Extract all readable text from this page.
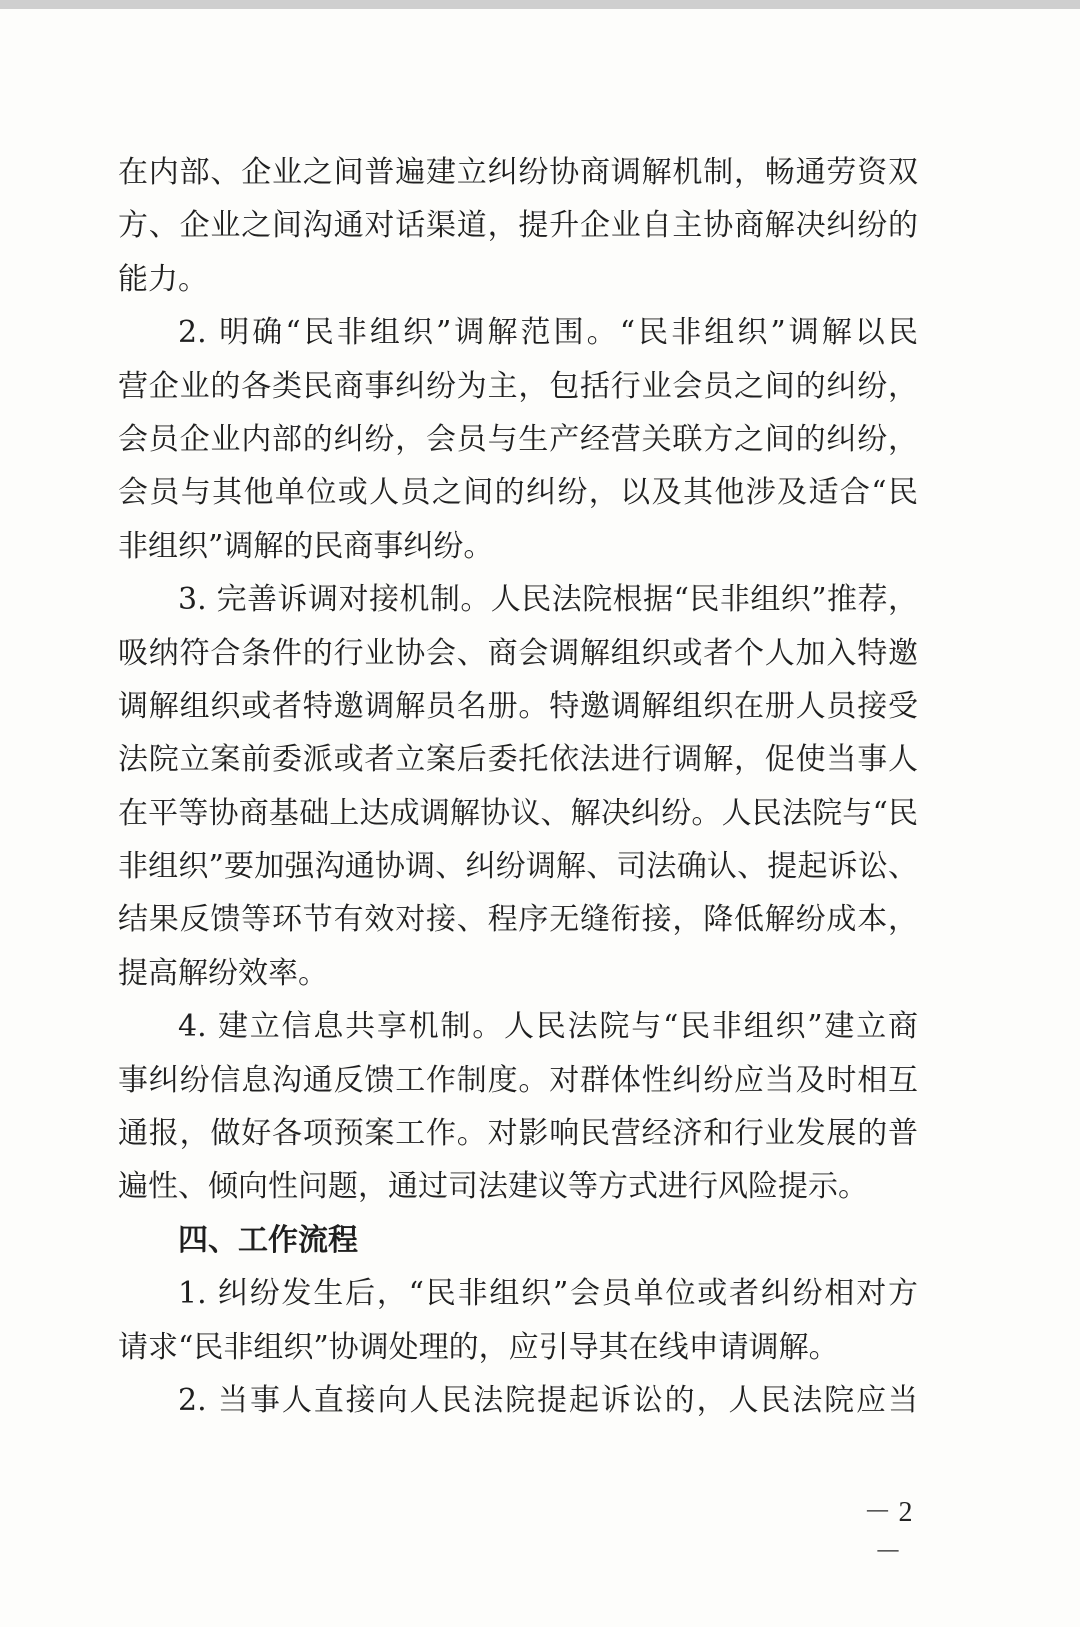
在内部、企业之间普遍建立纠纷协商调解机制，畅通劳资双
方、企业之间沟通对话渠道，提升企业自主协商解决纠纷的
能力。
2. 明确“民非组织”调解范围。“民非组织”调解以民
营企业的各类民商事纠纷为主，包括行业会员之间的纠纷，
会员企业内部的纠纷，会员与生产经营关联方之间的纠纷，
会员与其他单位或人员之间的纠纷，以及其他涉及适合“民
非组织”调解的民商事纠纷。
3. 完善诉调对接机制。人民法院根据“民非组织”推荐，
吸纳符合条件的行业协会、商会调解组织或者个人加入特邀
调解组织或者特邀调解员名册。特邀调解组织在册人员接受
法院立案前委派或者立案后委托依法进行调解，促使当事人
在平等协商基础上达成调解协议、解决纠纷。人民法院与“民
非组织”要加强沟通协调、纠纷调解、司法确认、提起诉讼、
结果反馈等环节有效对接、程序无缝衔接，降低解纷成本，
提高解纷效率。
4. 建立信息共享机制。人民法院与“民非组织”建立商
事纠纷信息沟通反馈工作制度。对群体性纠纷应当及时相互
通报，做好各项预案工作。对影响民营经济和行业发展的普
遍性、倾向性问题，通过司法建议等方式进行风险提示。
四、工作流程
1. 纠纷发生后，“民非组织”会员单位或者纠纷相对方
请求“民非组织”协调处理的，应引导其在线申请调解。
2. 当事人直接向人民法院提起诉讼的，人民法院应当
－ 2 －
